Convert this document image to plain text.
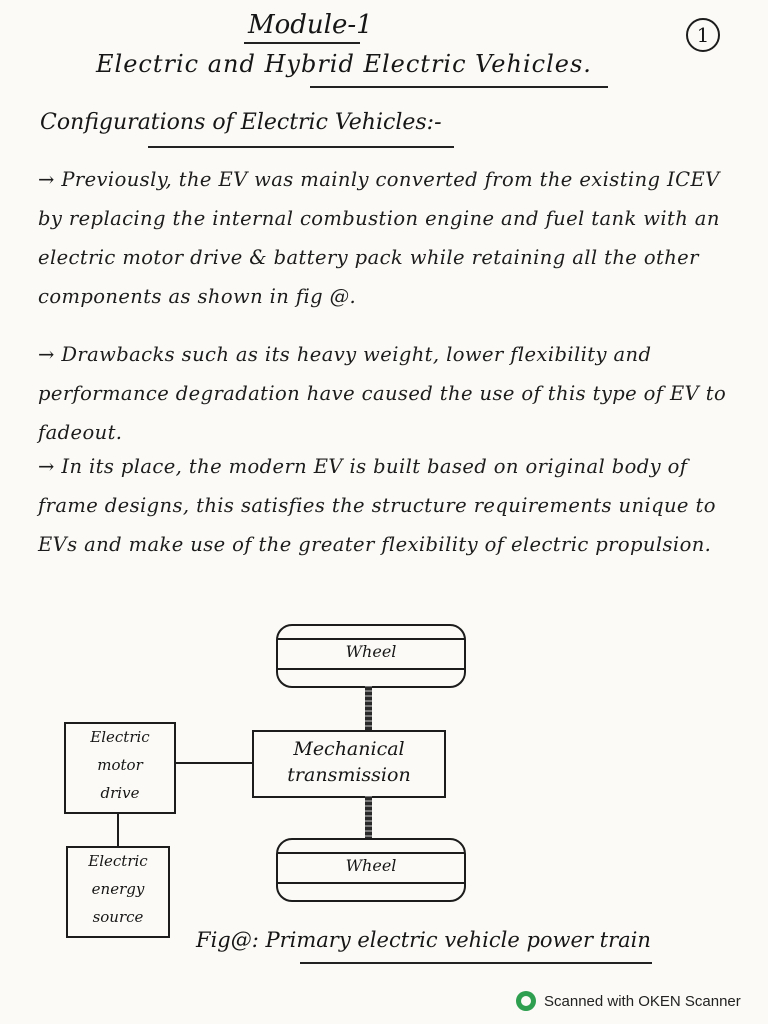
Module-1	1
Electric and Hybrid Electric Vehicles.
Configurations of Electric Vehicles:-
→ Previously, the EV was mainly converted from the existing ICEV by replacing the internal combustion engine and fuel tank with an electric motor drive & battery pack while retaining all the other components as shown in fig @.
→ Drawbacks such as its heavy weight, lower flexibility and performance degradation have caused the use of this type of EV to fadeout.
→ In its place, the modern EV is built based on original body of frame designs, this satisfies the structure requirements unique to EVs and make use of the greater flexibility of electric propulsion.
Wheel
Mechanical
transmission
Wheel
Electric
motor
drive
Electric
energy
source
Fig@: Primary electric vehicle power train
Scanned with OKEN Scanner
